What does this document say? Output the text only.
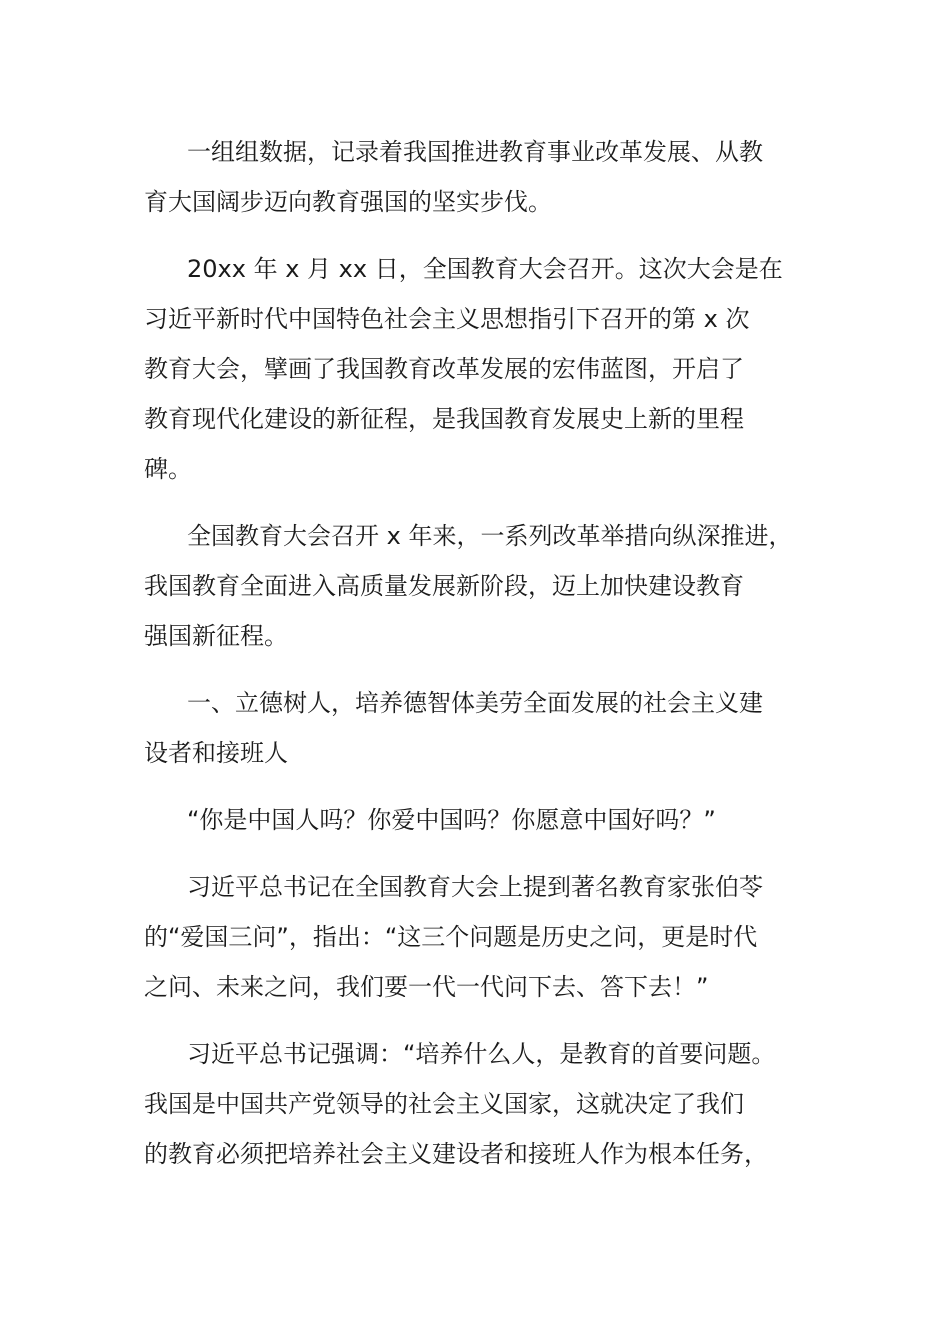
一组组数据，记录着我国推进教育事业改革发展、从教
育大国阔步迈向教育强国的坚实步伐。

20xx 年 x 月 xx 日，全国教育大会召开。这次大会是在
习近平新时代中国特色社会主义思想指引下召开的第 x 次
教育大会，擘画了我国教育改革发展的宏伟蓝图，开启了
教育现代化建设的新征程，是我国教育发展史上新的里程
碑。

全国教育大会召开 x 年来，一系列改革举措向纵深推进，
我国教育全面进入高质量发展新阶段，迈上加快建设教育
强国新征程。

一、立德树人，培养德智体美劳全面发展的社会主义建
设者和接班人

“你是中国人吗？你爱中国吗？你愿意中国好吗？”

习近平总书记在全国教育大会上提到著名教育家张伯苓
的“爱国三问”，指出：“这三个问题是历史之问，更是时代
之问、未来之问，我们要一代一代问下去、答下去！”

习近平总书记强调：“培养什么人，是教育的首要问题。
我国是中国共产党领导的社会主义国家，这就决定了我们
的教育必须把培养社会主义建设者和接班人作为根本任务，
